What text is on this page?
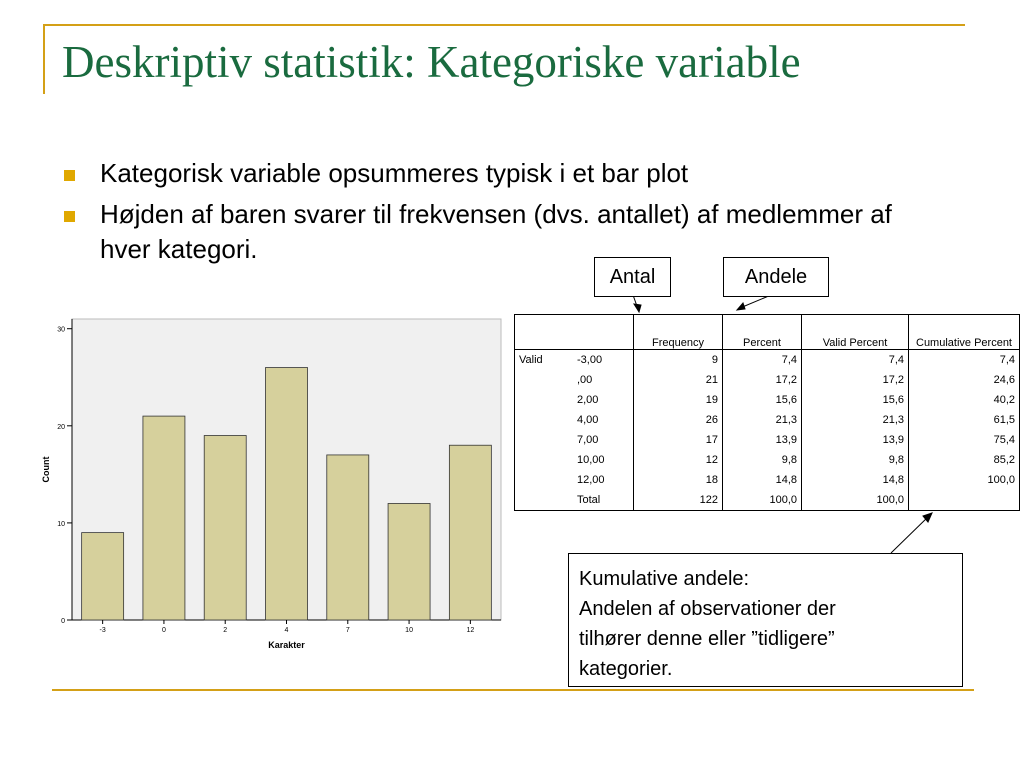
Deskriptiv statistik: Kategoriske variable
Kategorisk variable opsummeres typisk i et bar plot
Højden af baren svarer til frekvensen (dvs. antallet) af medlemmer af hver kategori.
0
10
20
30
-3	0	2	4	7	10	12
Karakter
Count
		Frequency	Percent	Valid Percent	Cumulative Percent
Valid	-3,00	9	7,4	7,4	7,4
	,00	21	17,2	17,2	24,6
	2,00	19	15,6	15,6	40,2
	4,00	26	21,3	21,3	61,5
	7,00	17	13,9	13,9	75,4
	10,00	12	9,8	9,8	85,2
	12,00	18	14,8	14,8	100,0
	Total	122	100,0	100,0	
Antal	Andele
Kumulative andele:
Andelen af observationer der
tilhører denne eller ”tidligere”
kategorier.
